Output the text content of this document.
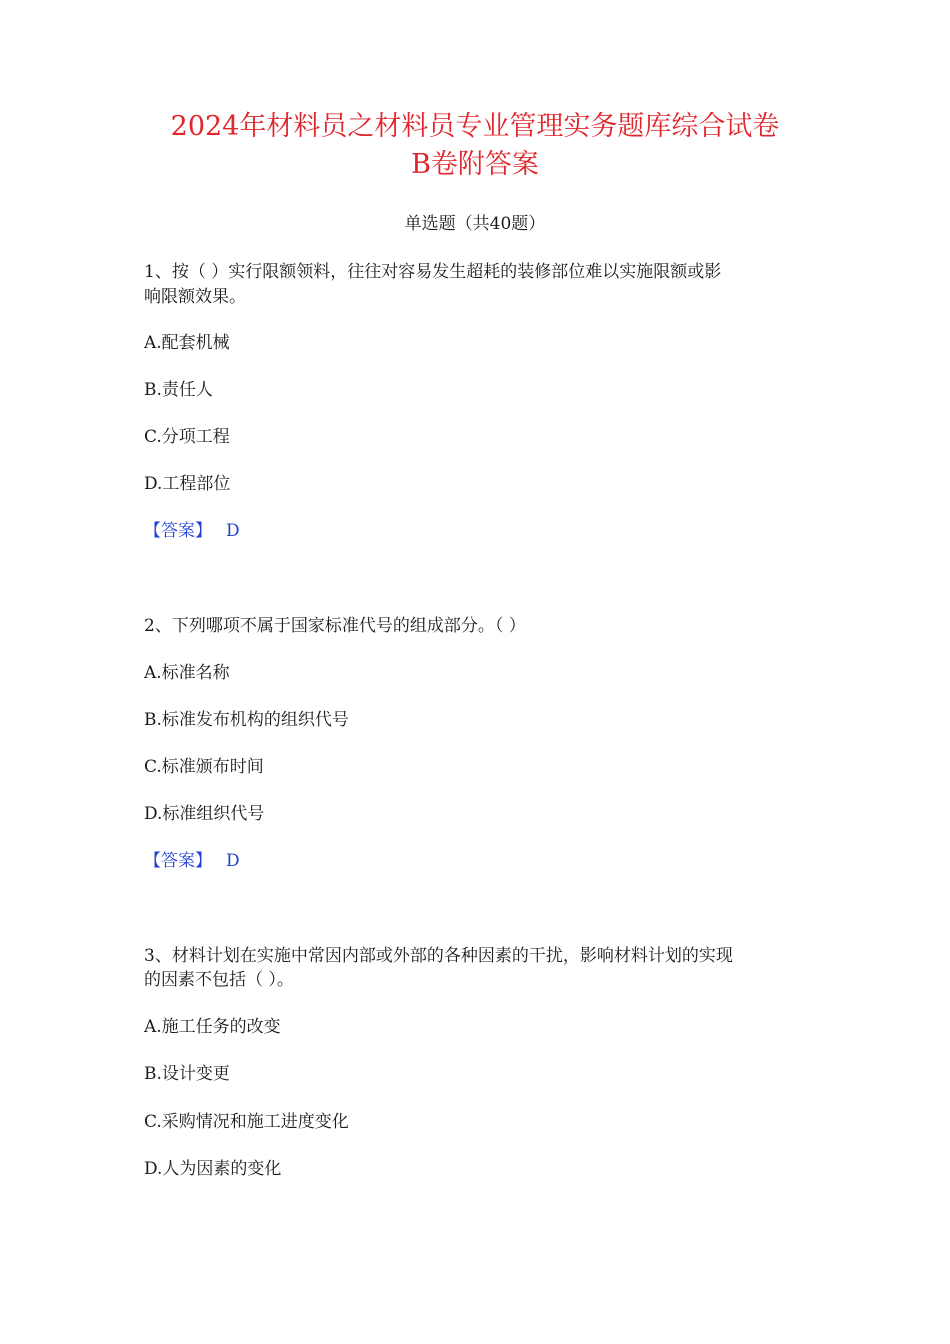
2024年材料员之材料员专业管理实务题库综合试卷
B卷附答案
单选题（共40题）
1、按（ ）实行限额领料，往往对容易发生超耗的装修部位难以实施限额或影
响限额效果。
A.配套机械
B.责任人
C.分项工程
D.工程部位
【答案】 D
2、下列哪项不属于国家标准代号的组成部分。（ ）
A.标准名称
B.标准发布机构的组织代号
C.标准颁布时间
D.标准组织代号
【答案】 D
3、材料计划在实施中常因内部或外部的各种因素的干扰，影响材料计划的实现
的因素不包括（ ）。
A.施工任务的改变
B.设计变更
C.采购情况和施工进度变化
D.人为因素的变化
